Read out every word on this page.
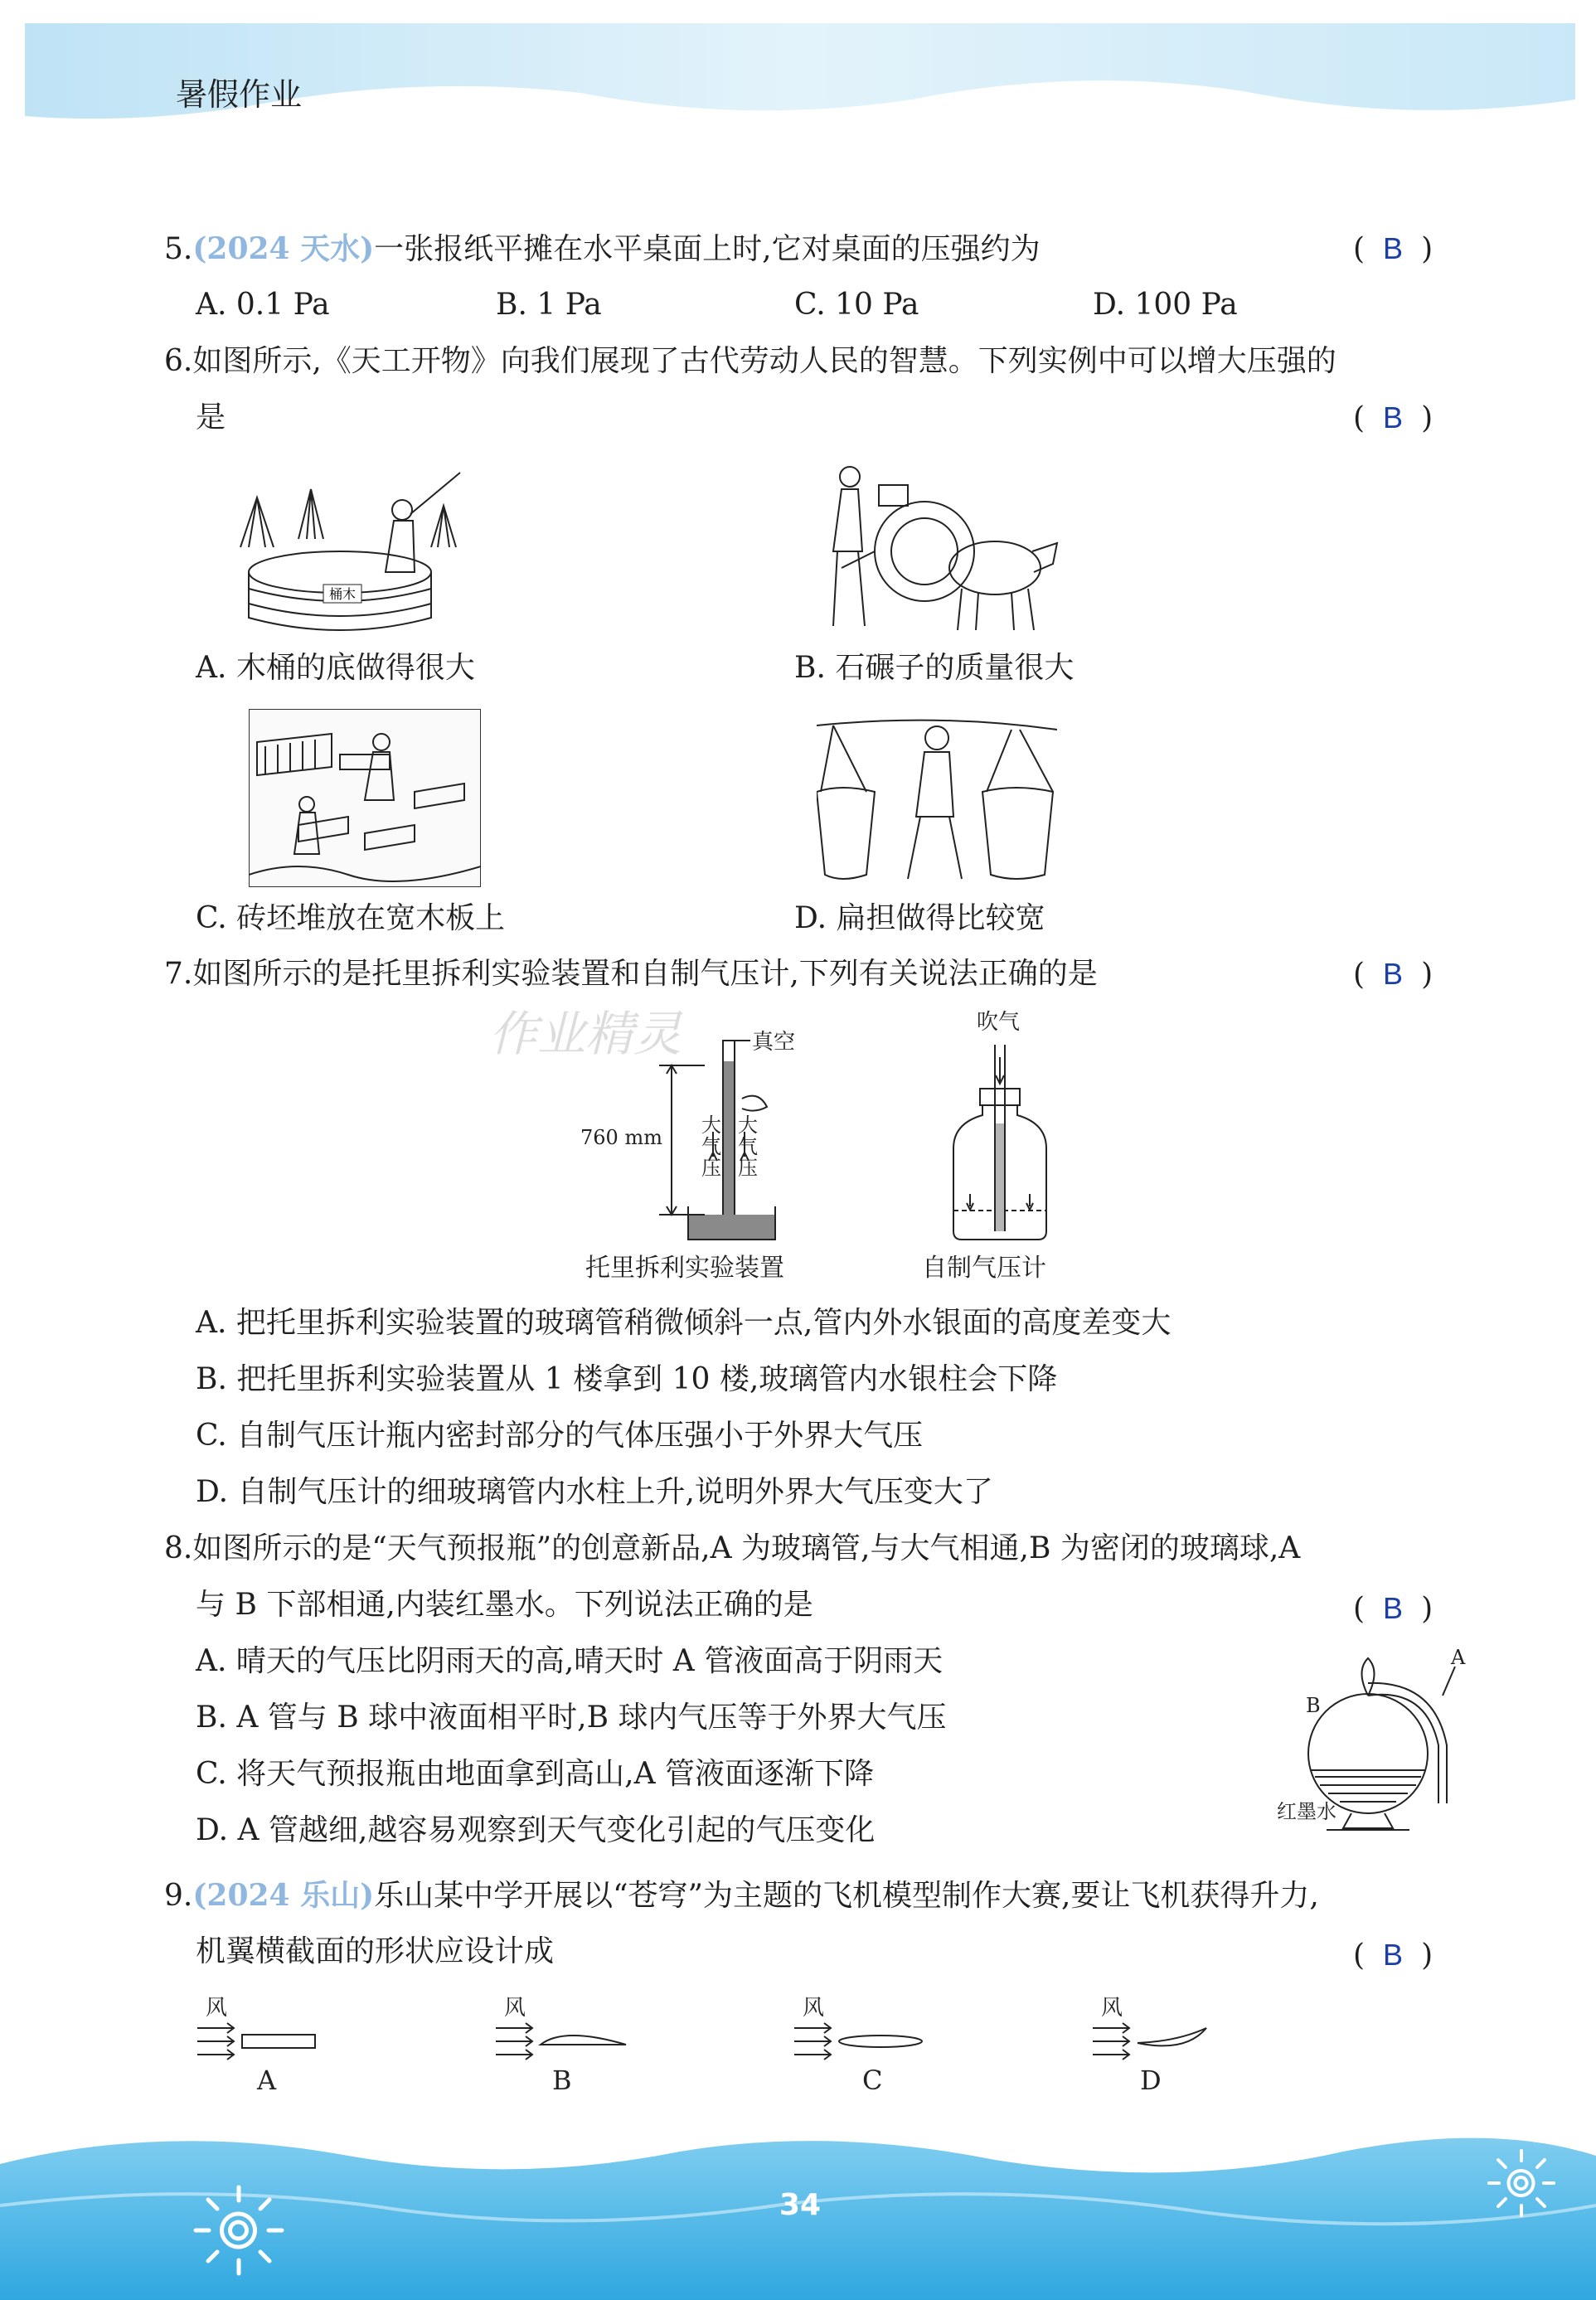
暑假作业
5.(2024 天水)一张报纸平摊在水平桌面上时,它对桌面的压强约为	( B )
A. 0.1 Pa	B. 1 Pa	C. 10 Pa	D. 100 Pa
6.如图所示,《天工开物》向我们展现了古代劳动人民的智慧。下列实例中可以增大压强的
是	( B )
桶木
A. 木桶的底做得很大	B. 石碾子的质量很大
C. 砖坯堆放在宽木板上	D. 扁担做得比较宽
7.如图所示的是托里拆利实验装置和自制气压计,下列有关说法正确的是	( B )
作业精灵	真空
760 mm
大气压
大气压
托里拆利实验装置
吹气
自制气压计
A. 把托里拆利实验装置的玻璃管稍微倾斜一点,管内外水银面的高度差变大
B. 把托里拆利实验装置从 1 楼拿到 10 楼,玻璃管内水银柱会下降
C. 自制气压计瓶内密封部分的气体压强小于外界大气压
D. 自制气压计的细玻璃管内水柱上升,说明外界大气压变大了
8.如图所示的是“天气预报瓶”的创意新品,A 为玻璃管,与大气相通,B 为密闭的玻璃球,A
与 B 下部相通,内装红墨水。下列说法正确的是	( B )
A. 晴天的气压比阴雨天的高,晴天时 A 管液面高于阴雨天
B. A 管与 B 球中液面相平时,B 球内气压等于外界大气压
C. 将天气预报瓶由地面拿到高山,A 管液面逐渐下降
D. A 管越细,越容易观察到天气变化引起的气压变化
A
B
红墨水
9.(2024 乐山)乐山某中学开展以“苍穹”为主题的飞机模型制作大赛,要让飞机获得升力,
机翼横截面的形状应设计成	( B )
风
A
风
B
风
C
风
D
34
